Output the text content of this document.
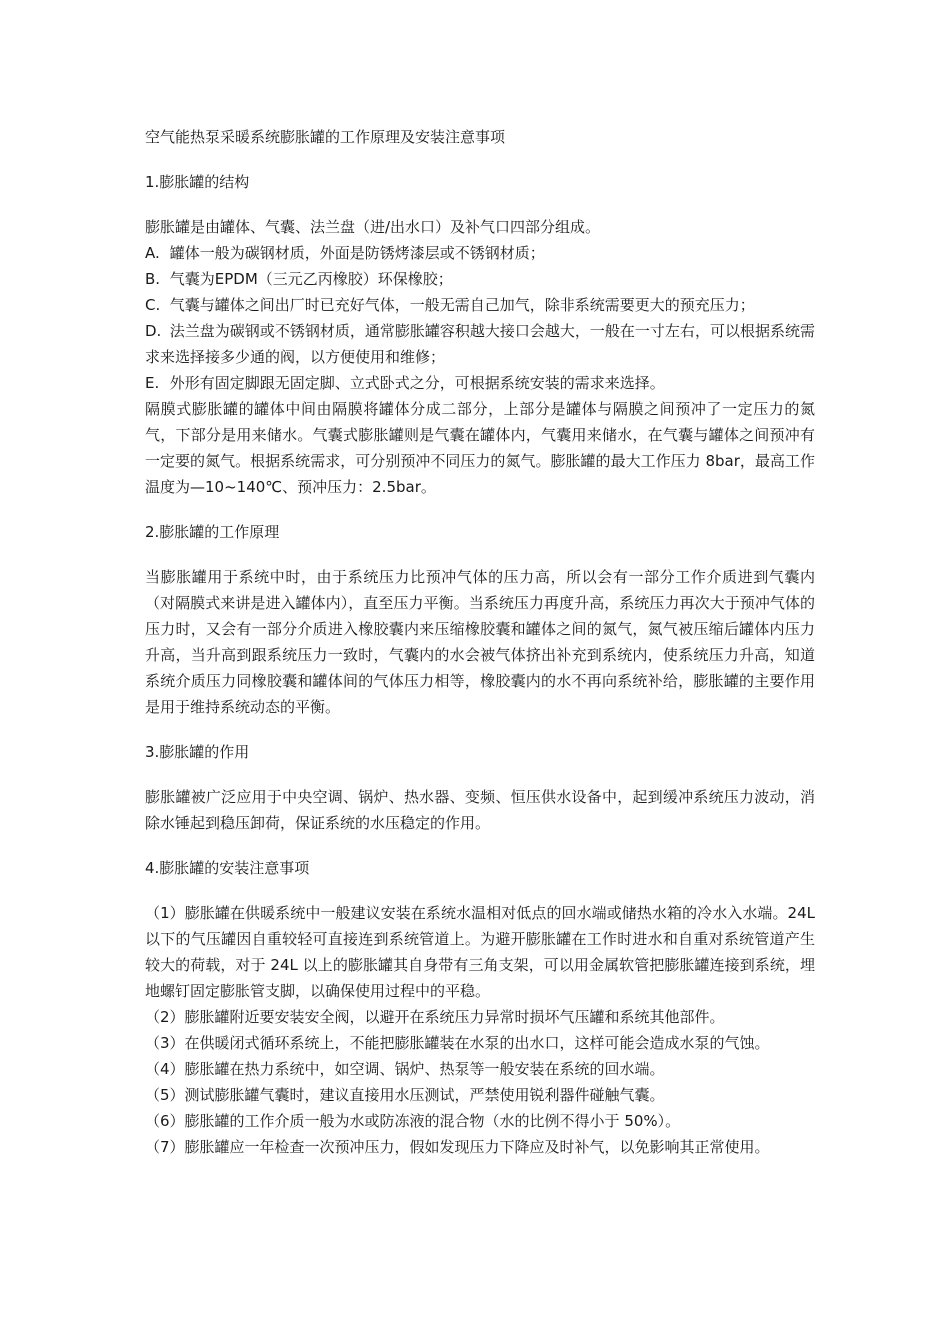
空气能热泵采暖系统膨胀罐的工作原理及安装注意事项

1.膨胀罐的结构

膨胀罐是由罐体、气囊、法兰盘（进/出水口）及补气口四部分组成。

A. 罐体一般为碳钢材质，外面是防锈烤漆层或不锈钢材质；
B. 气囊为EPDM（三元乙丙橡胶）环保橡胶；
C. 气囊与罐体之间出厂时已充好气体，一般无需自己加气，除非系统需要更大的预充压力；
D. 法兰盘为碳钢或不锈钢材质，通常膨胀罐容积越大接口会越大，一般在一寸左右，可以根据系统需求来选择接多少通的阀，以方便使用和维修；
E. 外形有固定脚跟无固定脚、立式卧式之分，可根据系统安装的需求来选择。

隔膜式膨胀罐的罐体中间由隔膜将罐体分成二部分，上部分是罐体与隔膜之间预冲了一定压力的氮气，下部分是用来储水。气囊式膨胀罐则是气囊在罐体内，气囊用来储水，在气囊与罐体之间预冲有一定要的氮气。根据系统需求，可分别预冲不同压力的氮气。膨胀罐的最大工作压力 8bar，最高工作温度为—10~140℃、预冲压力：2.5bar。

2.膨胀罐的工作原理

当膨胀罐用于系统中时，由于系统压力比预冲气体的压力高，所以会有一部分工作介质进到气囊内（对隔膜式来讲是进入罐体内），直至压力平衡。当系统压力再度升高，系统压力再次大于预冲气体的压力时，又会有一部分介质进入橡胶囊内来压缩橡胶囊和罐体之间的氮气，氮气被压缩后罐体内压力升高，当升高到跟系统压力一致时，气囊内的水会被气体挤出补充到系统内，使系统压力升高，知道系统介质压力同橡胶囊和罐体间的气体压力相等，橡胶囊内的水不再向系统补给，膨胀罐的主要作用是用于维持系统动态的平衡。

3.膨胀罐的作用

膨胀罐被广泛应用于中央空调、锅炉、热水器、变频、恒压供水设备中，起到缓冲系统压力波动，消除水锤起到稳压卸荷，保证系统的水压稳定的作用。

4.膨胀罐的安装注意事项

（1）膨胀罐在供暖系统中一般建议安装在系统水温相对低点的回水端或储热水箱的冷水入水端。24L 以下的气压罐因自重较轻可直接连到系统管道上。为避开膨胀罐在工作时进水和自重对系统管道产生较大的荷载，对于 24L 以上的膨胀罐其自身带有三角支架，可以用金属软管把膨胀罐连接到系统，埋地螺钉固定膨胀管支脚，以确保使用过程中的平稳。
（2）膨胀罐附近要安装安全阀，以避开在系统压力异常时损坏气压罐和系统其他部件。
（3）在供暖闭式循环系统上，不能把膨胀罐装在水泵的出水口，这样可能会造成水泵的气蚀。
（4）膨胀罐在热力系统中，如空调、锅炉、热泵等一般安装在系统的回水端。
（5）测试膨胀罐气囊时，建议直接用水压测试，严禁使用锐利器件碰触气囊。
（6）膨胀罐的工作介质一般为水或防冻液的混合物（水的比例不得小于 50%）。
（7）膨胀罐应一年检查一次预冲压力，假如发现压力下降应及时补气，以免影响其正常使用。
